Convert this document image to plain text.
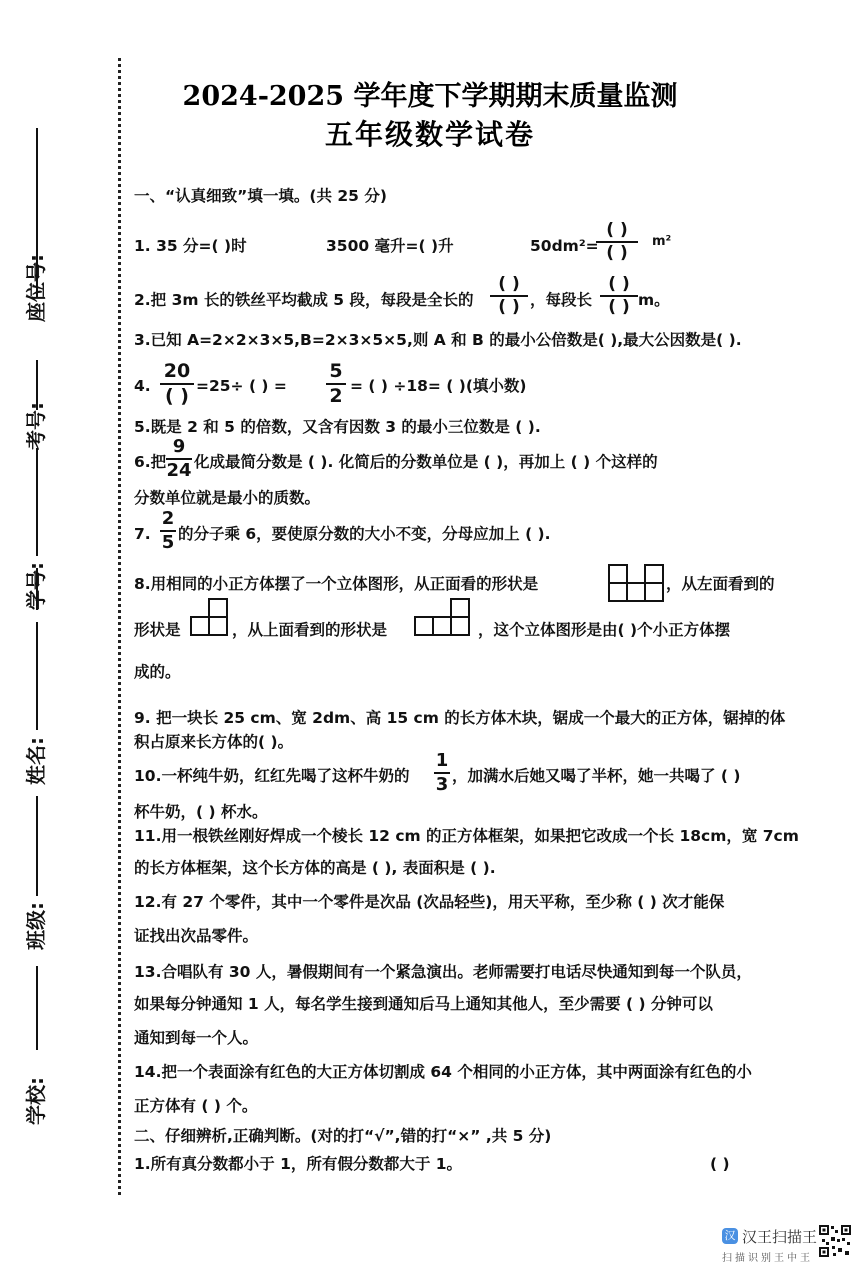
2024-2025 学年度下学期期末质量监测
五年级数学试卷
座位号:
考号:
学号:
姓名:
班级:
学校:
一、“认真细致”填一填。(共 25 分)
1. 35 分=( )时	3500 毫升=( )升	50dm²=
( )
( )
m²
2.把 3m 长的铁丝平均截成 5 段，每段是全长的
( )
( ) ，每段长
( )
( ) m。
3.已知 A=2×2×3×5,B=2×3×5×5,则 A 和 B 的最小公倍数是( ),最大公因数是( ).
4.
20
( ) =25÷ ( ) =
5
2 = ( ) ÷18= ( )(填小数)
5.既是 2 和 5 的倍数，又含有因数 3 的最小三位数是 ( ).
6.把
9
24 化成最简分数是 ( ). 化简后的分数单位是 ( )，再加上 ( ) 个这样的
分数单位就是最小的质数。
7.
2
5 的分子乘 6，要使原分数的大小不变，分母应加上 ( ).
8.用相同的小正方体摆了一个立体图形，从正面看的形状是	，从左面看到的
形状是	，从上面看到的形状是	，这个立体图形是由( )个小正方体摆
成的。
9. 把一块长 25 cm、宽 2dm、高 15 cm 的长方体木块，锯成一个最大的正方体，锯掉的体
积占原来长方体的( )。
10.一杯纯牛奶，红红先喝了这杯牛奶的
1
3 ，加满水后她又喝了半杯，她一共喝了 ( )
杯牛奶，( ) 杯水。
11.用一根铁丝刚好焊成一个棱长 12 cm 的正方体框架，如果把它改成一个长 18cm，宽 7cm
的长方体框架，这个长方体的高是 ( ), 表面积是 ( ).
12.有 27 个零件，其中一个零件是次品 (次品轻些)，用天平称，至少称 ( ) 次才能保
证找出次品零件。
13.合唱队有 30 人，暑假期间有一个紧急演出。老师需要打电话尽快通知到每一个队员，
如果每分钟通知 1 人，每名学生接到通知后马上通知其他人，至少需要 ( ) 分钟可以
通知到每一个人。
14.把一个表面涂有红色的大正方体切割成 64 个相同的小正方体，其中两面涂有红色的小
正方体有 ( ) 个。
二、仔细辨析,正确判断。(对的打“√”,错的打“×” ,共 5 分)
1.所有真分数都小于 1，所有假分数都大于 1。	( )
汉 汉王扫描王
扫描识别王中王
